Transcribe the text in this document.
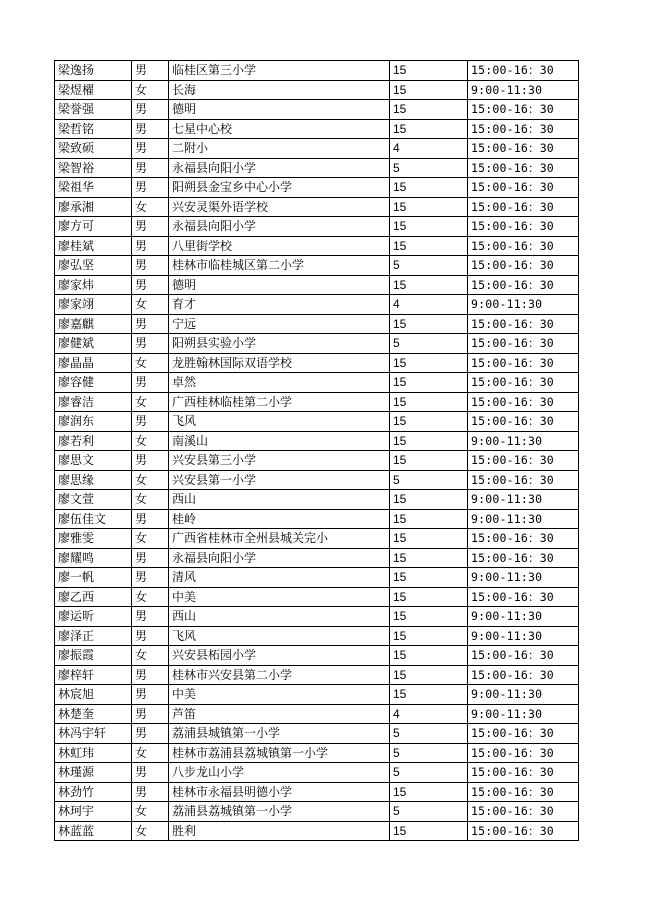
梁逸扬	男	临桂区第三小学	15	15:00-16：30
梁煜櫂	女	长海	15	9:00-11:30
梁誉强	男	德明	15	15:00-16：30
梁哲铭	男	七星中心校	15	15:00-16：30
梁致硕	男	二附小	4	15:00-16：30
梁智裕	男	永福县向阳小学	5	15:00-16：30
梁祖华	男	阳朔县金宝乡中心小学	15	15:00-16：30
廖承湘	女	兴安灵渠外语学校	15	15:00-16：30
廖方可	男	永福县向阳小学	15	15:00-16：30
廖桂斌	男	八里街学校	15	15:00-16：30
廖弘坚	男	桂林市临桂城区第二小学	5	15:00-16：30
廖家炜	男	德明	15	15:00-16：30
廖家翊	女	育才	4	9:00-11:30
廖嘉麒	男	宁远	15	15:00-16：30
廖健斌	男	阳朔县实验小学	5	15:00-16：30
廖晶晶	女	龙胜翰林国际双语学校	15	15:00-16：30
廖容健	男	卓然	15	15:00-16：30
廖睿洁	女	广西桂林临桂第二小学	15	15:00-16：30
廖润东	男	飞风	15	15:00-16：30
廖若利	女	南溪山	15	9:00-11:30
廖思文	男	兴安县第三小学	15	15:00-16：30
廖思缘	女	兴安县第一小学	5	15:00-16：30
廖文萱	女	西山	15	9:00-11:30
廖伍佳文	男	桂岭	15	9:00-11:30
廖雅雯	女	广西省桂林市全州县城关完小	15	15:00-16：30
廖耀鸣	男	永福县向阳小学	15	15:00-16：30
廖一帆	男	清风	15	9:00-11:30
廖乙西	女	中美	15	15:00-16：30
廖运昕	男	西山	15	9:00-11:30
廖泽正	男	飞风	15	9:00-11:30
廖振霞	女	兴安县柘园小学	15	15:00-16：30
廖梓轩	男	桂林市兴安县第二小学	15	15:00-16：30
林宸旭	男	中美	15	9:00-11:30
林楚奎	男	芦笛	4	9:00-11:30
林冯宇轩	男	荔浦县城镇第一小学	5	15:00-16：30
林虹玮	女	桂林市荔浦县荔城镇第一小学	5	15:00-16：30
林瑾源	男	八步龙山小学	5	15:00-16：30
林劲竹	男	桂林市永福县明德小学	15	15:00-16：30
林珂宇	女	荔浦县荔城镇第一小学	5	15:00-16：30
林蓝蓝	女	胜利	15	15:00-16：30
